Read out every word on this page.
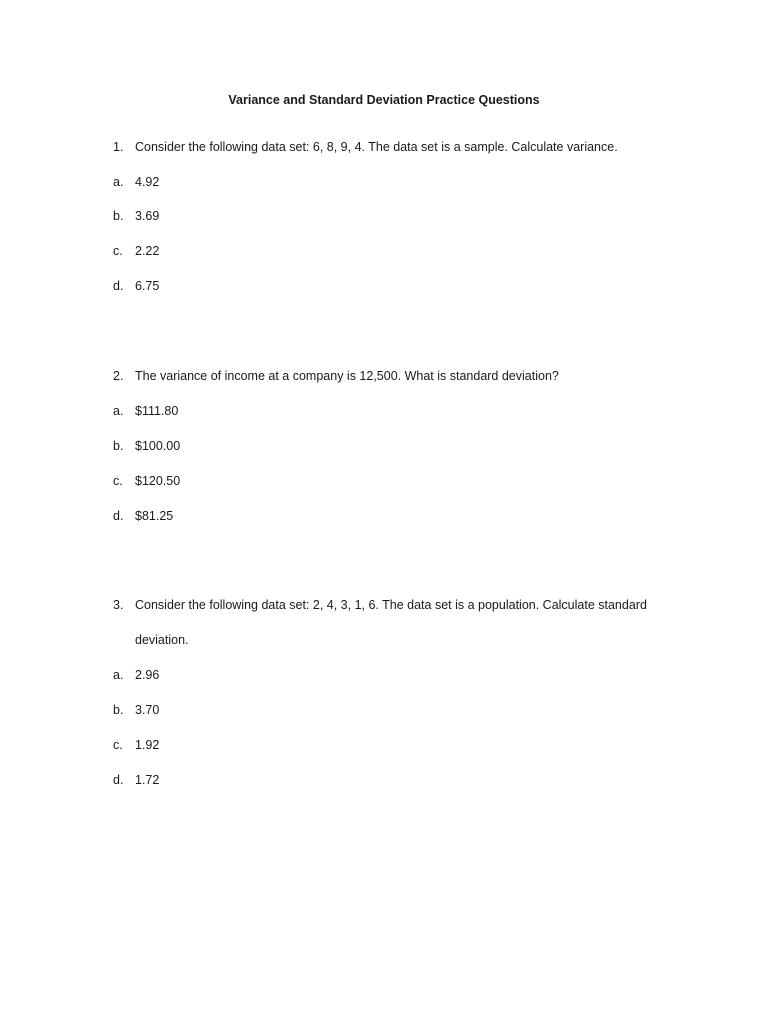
Variance and Standard Deviation Practice Questions
1. Consider the following data set: 6, 8, 9, 4. The data set is a sample. Calculate variance.
a. 4.92
b. 3.69
c. 2.22
d. 6.75
2. The variance of income at a company is 12,500. What is standard deviation?
a. $111.80
b. $100.00
c. $120.50
d. $81.25
3. Consider the following data set: 2, 4, 3, 1, 6. The data set is a population. Calculate standard
deviation.
a. 2.96
b. 3.70
c. 1.92
d. 1.72
